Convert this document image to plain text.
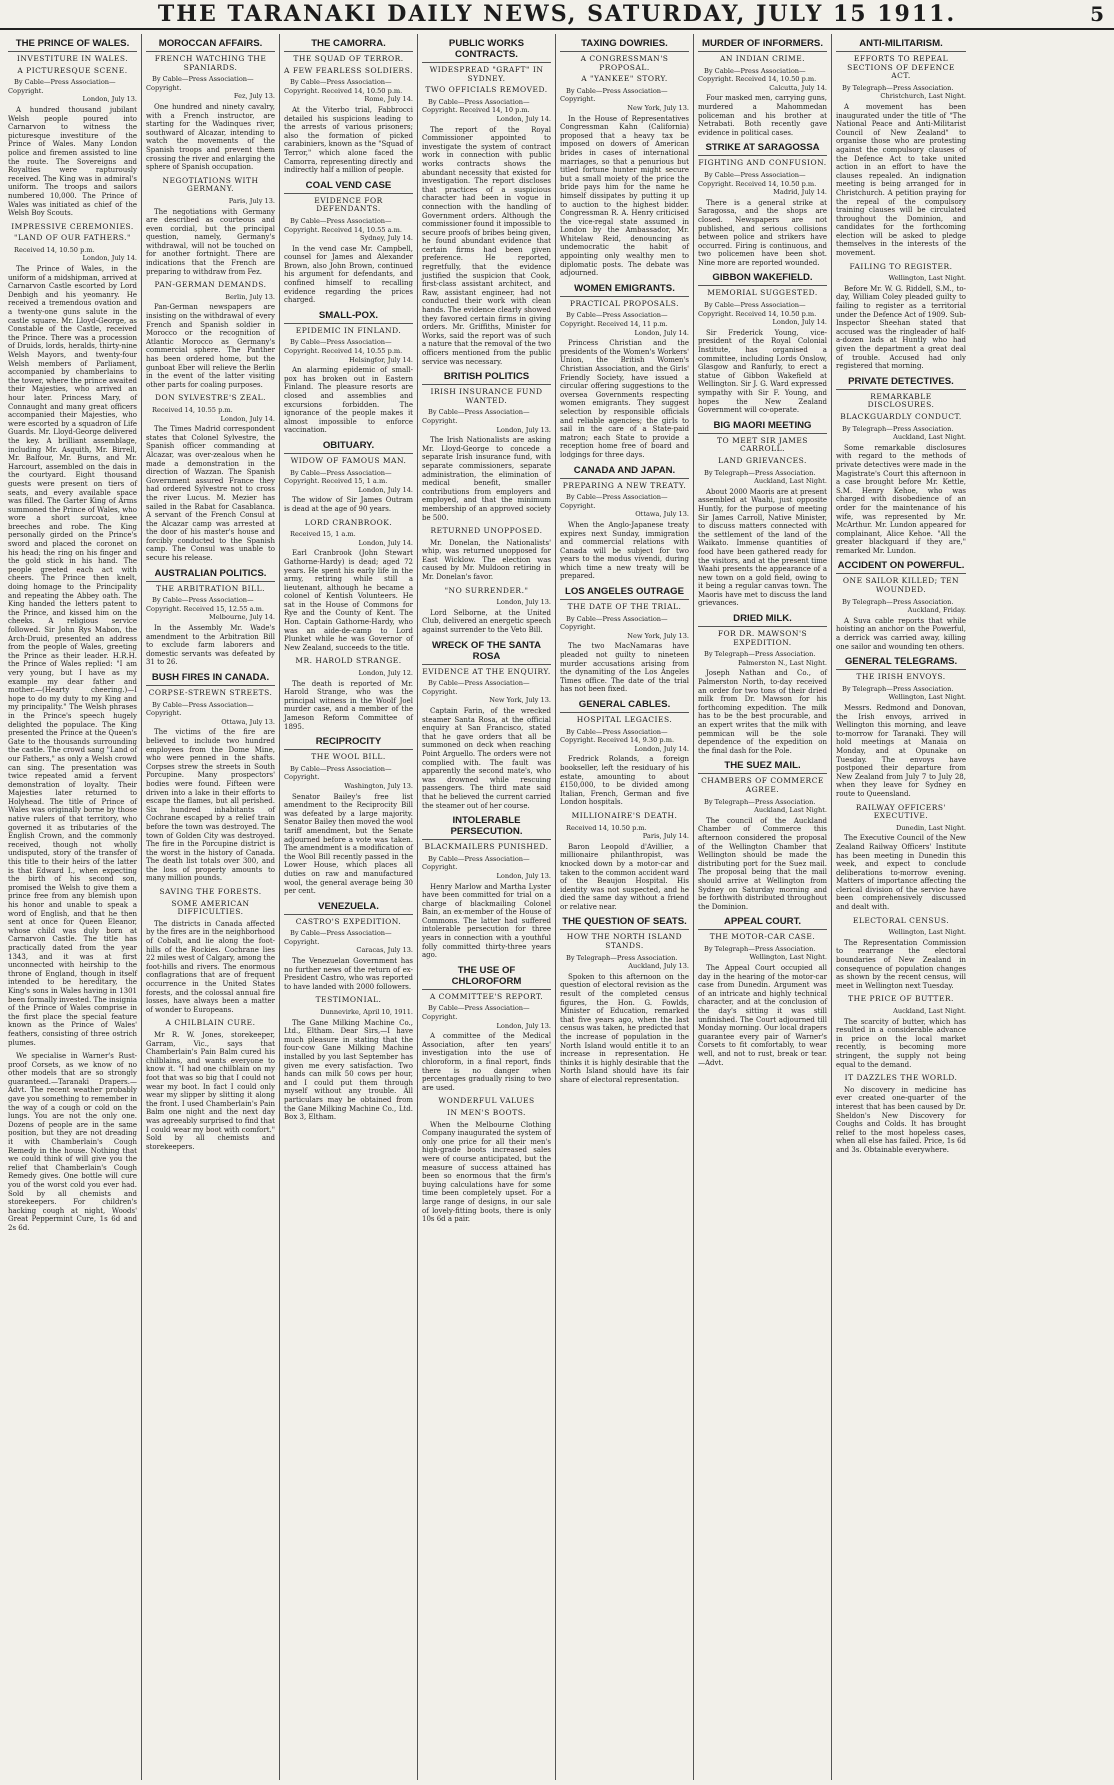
THE TARANAKI DAILY NEWS, SATURDAY, JULY 15 1911.	5
THE PRINCE OF WALES.
INVESTITURE IN WALES.
A PICTURESQUE SCENE.
By Cable—Press Association—Copyright.
London, July 13.

A hundred thousand jubilant Welsh people poured into Carnarvon to witness the picturesque investiture of the Prince of Wales. Many London police and firemen assisted to line the route. The Sovereigns and Royalties were rapturously received. The King was in admiral's uniform. The troops and sailors numbered 10,000. The Prince of Wales was initiated as chief of the Welsh Boy Scouts.

IMPRESSIVE CEREMONIES.
"LAND OF OUR FATHERS."
Received 14, 10.50 p.m.
London, July 14.

The Prince of Wales, in the uniform of a midshipman, arrived at Carnarvon Castle escorted by Lord Denbigh and his yeomanry. He received a tremendous ovation and a twenty-one guns salute in the castle square. Mr. Lloyd-George, as Constable of the Castle, received the Prince. There was a procession of Druids, lords, heralds, thirty-nine Welsh Mayors, and twenty-four Welsh members of Parliament, accompanied by chamberlains to the tower, where the prince awaited their Majesties, who arrived an hour later. Princess Mary, of Connaught and many great officers accompanied their Majesties, who were escorted by a squadron of Life Guards. Mr. Lloyd-George delivered the key. A brilliant assemblage, including Mr. Asquith, Mr. Birrell, Mr. Balfour, Mr. Burns, and Mr. Harcourt, assembled on the dais in the courtyard. Eight thousand guests were present on tiers of seats, and every available space was filled. The Garter King of Arms summoned the Prince of Wales, who wore a short surcoat, knee breeches and robe. The King personally girded on the Prince's sword and placed the coronet on his head; the ring on his finger and the gold stick in his hand. The people greeted each act with cheers. The Prince then knelt, doing homage to the Principality and repeating the Abbey oath. The King handed the letters patent to the Prince, and kissed him on the cheeks. A religious service followed. Sir John Rys Mabon, the Arch-Druid, presented an address from the people of Wales, greeting the Prince as their leader. H.R.H. the Prince of Wales replied: "I am very young, but I have as my example my dear father and mother.—(Hearty cheering.)—I hope to do my duty to my King and my principality." The Welsh phrases in the Prince's speech hugely delighted the populace. The King presented the Prince at the Queen's Gate to the thousands surrounding the castle. The crowd sang "Land of our Fathers," as only a Welsh crowd can sing. The presentation was twice repeated amid a fervent demonstration of loyalty. Their Majesties later returned to Holyhead. The title of Prince of Wales was originally borne by those native rulers of that territory, who governed it as tributaries of the English Crown, and the commonly received, though not wholly undisputed, story of the transfer of this title to their heirs of the latter is that Edward I., when expecting the birth of his second son, promised the Welsh to give them a prince free from any blemish upon his honor and unable to speak a word of English, and that he then sent at once for Queen Eleanor, whose child was duly born at Carnarvon Castle. The title has practically dated from the year 1343, and it was at first unconnected with heirship to the throne of England, though in itself intended to be hereditary, the King's sons in Wales having in 1301 been formally invested. The insignia of the Prince of Wales comprise in the first place the special feature known as the Prince of Wales' feathers, consisting of three ostrich plumes.

We specialise in Warner's Rust-proof Corsets, as we know of no other models that are so strongly guaranteed.—Taranaki Drapers.—Advt. The recent weather probably gave you something to remember in the way of a cough or cold on the lungs. You are not the only one. Dozens of people are in the same position, but they are not dreading it with Chamberlain's Cough Remedy in the house. Nothing that we could think of will give you the relief that Chamberlain's Cough Remedy gives. One bottle will cure you of the worst cold you ever had. Sold by all chemists and storekeepers. For children's hacking cough at night, Woods' Great Peppermint Cure, 1s 6d and 2s 6d.

MOROCCAN AFFAIRS.
FRENCH WATCHING THE SPANIARDS.
By Cable—Press Association—Copyright.
Fez, July 13.

One hundred and ninety cavalry, with a French instructor, are starting for the Wadinques river, southward of Alcazar, intending to watch the movements of the Spanish troops and prevent them crossing the river and enlarging the sphere of Spanish occupation.

NEGOTIATIONS WITH GERMANY.
Paris, July 13.

The negotiations with Germany are described as courteous and even cordial, but the principal question, namely, Germany's withdrawal, will not be touched on for another fortnight. There are indications that the French are preparing to withdraw from Fez.

PAN-GERMAN DEMANDS.
Berlin, July 13.

Pan-German newspapers are insisting on the withdrawal of every French and Spanish soldier in Morocco or the recognition of Atlantic Morocco as Germany's commercial sphere. The Panther has been ordered home, but the gunboat Eber will relieve the Berlin in the event of the latter visiting other parts for coaling purposes.

DON SYLVESTRE'S ZEAL.
Received 14, 10.55 p.m.
London, July 14.

The Times Madrid correspondent states that Colonel Sylvestre, the Spanish officer commanding at Alcazar, was over-zealous when he made a demonstration in the direction of Wazzan. The Spanish Government assured France they had ordered Sylvestre not to cross the river Lucus. M. Mezier has sailed in the Rabat for Casablanca. A servant of the French Consul at the Alcazar camp was arrested at the door of his master's house and forcibly conducted to the Spanish camp. The Consul was unable to secure his release.

AUSTRALIAN POLITICS.
THE ARBITRATION BILL.
By Cable—Press Association—Copyright. Received 15, 12.55 a.m.
Melbourne, July 14.

In the Assembly Mr. Wade's amendment to the Arbitration Bill to exclude farm laborers and domestic servants was defeated by 31 to 26.

BUSH FIRES IN CANADA.
CORPSE-STREWN STREETS.
By Cable—Press Association—Copyright.
Ottawa, July 13.

The victims of the fire are believed to include two hundred employees from the Dome Mine, who were penned in the shafts. Corpses strew the streets in South Porcupine. Many prospectors' bodies were found. Fifteen were driven into a lake in their efforts to escape the flames, but all perished. Six hundred inhabitants of Cochrane escaped by a relief train before the town was destroyed. The town of Golden City was destroyed. The fire in the Porcupine district is the worst in the history of Canada. The death list totals over 300, and the loss of property amounts to many million pounds.

SAVING THE FORESTS.
SOME AMERICAN DIFFICULTIES.

The districts in Canada affected by the fires are in the neighborhood of Cobalt, and lie along the foot-hills of the Rockies. Cochrane lies 22 miles west of Calgary, among the foot-hills and rivers. The enormous conflagrations that are of frequent occurrence in the United States forests, and the colossal annual fire losses, have always been a matter of wonder to Europeans.

A CHILBLAIN CURE.

Mr R. W. Jones, storekeeper, Garram, Vic., says that Chamberlain's Pain Balm cured his chilblains, and wants everyone to know it. "I had one chilblain on my foot that was so big that I could not wear my boot. In fact I could only wear my slipper by slitting it along the front. I used Chamberlain's Pain Balm one night and the next day was agreeably surprised to find that I could wear my boot with comfort." Sold by all chemists and storekeepers.

THE CAMORRA.
THE SQUAD OF TERROR.
A FEW FEARLESS SOLDIERS.
By Cable—Press Association—Copyright. Received 14, 10.50 p.m.
Rome, July 14.

At the Viterbo trial, Fabbrocci detailed his suspicions leading to the arrests of various prisoners; also the formation of picked carabiniers, known as the "Squad of Terror," which alone faced the Camorra, representing directly and indirectly half a million of people.

COAL VEND CASE
EVIDENCE FOR DEFENDANTS.
By Cable—Press Association—Copyright. Received 14, 10.55 a.m.
Sydney, July 14.

In the vend case Mr. Campbell, counsel for James and Alexander Brown, also John Brown, continued his argument for defendants, and confined himself to recalling evidence regarding the prices charged.

SMALL-POX.
EPIDEMIC IN FINLAND.
By Cable—Press Association—Copyright. Received 14, 10.55 p.m.
Helsingfor, July 14.

An alarming epidemic of small-pox has broken out in Eastern Finland. The pleasure resorts are closed and assemblies and excursions forbidden. The ignorance of the people makes it almost impossible to enforce vaccination.

OBITUARY.
WIDOW OF FAMOUS MAN.
By Cable—Press Association—Copyright. Received 15, 1 a.m.
London, July 14.

The widow of Sir James Outram is dead at the age of 90 years.

LORD CRANBROOK.
Received 15, 1 a.m.
London, July 14.

Earl Cranbrook (John Stewart Gathorne-Hardy) is dead; aged 72 years. He spent his early life in the army, retiring while still a lieutenant, although he became a colonel of Kentish Volunteers. He sat in the House of Commons for Rye and the County of Kent. The Hon. Captain Gathorne-Hardy, who was an aide-de-camp to Lord Plunket while he was Governor of New Zealand, succeeds to the title.

MR. HAROLD STRANGE.
London, July 12.

The death is reported of Mr. Harold Strange, who was the principal witness in the Woolf Joel murder case, and a member of the Jameson Reform Committee of 1895.

RECIPROCITY
THE WOOL BILL.
By Cable—Press Association—Copyright.
Washington, July 13.

Senator Bailey's free list amendment to the Reciprocity Bill was defeated by a large majority. Senator Bailey then moved the wool tariff amendment, but the Senate adjourned before a vote was taken. The amendment is a modification of the Wool Bill recently passed in the Lower House, which places all duties on raw and manufactured wool, the general average being 30 per cent.

VENEZUELA.
CASTRO'S EXPEDITION.
By Cable—Press Association—Copyright.
Caracas, July 13.

The Venezuelan Government has no further news of the return of ex-President Castro, who was reported to have landed with 2000 followers.

TESTIMONIAL.
Dunnevirke, April 10, 1911.

The Gane Milking Machine Co., Ltd., Eltham. Dear Sirs,—I have much pleasure in stating that the four-cow Gane Milking Machine installed by you last September has given me every satisfaction. Two hands can milk 50 cows per hour, and I could put them through myself without any trouble. All particulars may be obtained from the Gane Milking Machine Co., Ltd. Box 3, Eltham.

PUBLIC WORKS CONTRACTS.
WIDESPREAD "GRAFT" IN SYDNEY.
TWO OFFICIALS REMOVED.
By Cable—Press Association—Copyright. Received 14, 10 p.m.
London, July 14.

The report of the Royal Commissioner appointed to investigate the system of contract work in connection with public works contracts shows the abundant necessity that existed for investigation. The report discloses that practices of a suspicious character had been in vogue in connection with the handling of Government orders. Although the commissioner found it impossible to secure proofs of bribes being given, he found abundant evidence that certain firms had been given preference. He reported, regretfully, that the evidence justified the suspicion that Cook, first-class assistant architect, and Raw, assistant engineer, had not conducted their work with clean hands. The evidence clearly showed they favored certain firms in giving orders. Mr. Griffiths, Minister for Works, said the report was of such a nature that the removal of the two officers mentioned from the public service was necessary.

BRITISH POLITICS
IRISH INSURANCE FUND WANTED.
By Cable—Press Association—Copyright.
London, July 13.

The Irish Nationalists are asking Mr. Lloyd-George to concede a separate Irish insurance fund, with separate commissioners, separate administration, the elimination of medical benefit, smaller contributions from employers and employed, and that the minimum membership of an approved society be 500.

RETURNED UNOPPOSED.

Mr. Donelan, the Nationalists' whip, was returned unopposed for East Wicklow. The election was caused by Mr. Muldoon retiring in Mr. Donelan's favor.

"NO SURRENDER."
London, July 13.

Lord Selborne, at the United Club, delivered an energetic speech against surrender to the Veto Bill.

WRECK OF THE SANTA ROSA
EVIDENCE AT THE ENQUIRY.
By Cable—Press Association—Copyright.
New York, July 13.

Captain Farin, of the wrecked steamer Santa Rosa, at the official enquiry at San Francisco, stated that he gave orders that all be summoned on deck when reaching Point Arguello. The orders were not complied with. The fault was apparently the second mate's, who was drowned while rescuing passengers. The third mate said that he believed the current carried the steamer out of her course.

INTOLERABLE PERSECUTION.
BLACKMAILERS PUNISHED.
By Cable—Press Association—Copyright.
London, July 13.

Henry Marlow and Martha Lyster have been committed for trial on a charge of blackmailing Colonel Bain, an ex-member of the House of Commons. The latter had suffered intolerable persecution for three years in connection with a youthful folly committed thirty-three years ago.

THE USE OF CHLOROFORM
A COMMITTEE'S REPORT.
By Cable—Press Association—Copyright.
London, July 13.

A committee of the Medical Association, after ten years' investigation into the use of chloroform, in a final report, finds there is no danger when percentages gradually rising to two are used.

WONDERFUL VALUES
IN MEN'S BOOTS.

When the Melbourne Clothing Company inaugurated the system of only one price for all their men's high-grade boots increased sales were of course anticipated, but the measure of success attained has been so enormous that the firm's buying calculations have for some time been completely upset. For a large range of designs, in our sale of lovely-fitting boots, there is only 10s 6d a pair.

TAXING DOWRIES.
A CONGRESSMAN'S PROPOSAL.
A "YANKEE" STORY.
By Cable—Press Association—Copyright.
New York, July 13.

In the House of Representatives Congressman Kahn (California) proposed that a heavy tax be imposed on dowers of American brides in cases of international marriages, so that a penurious but titled fortune hunter might secure but a small moiety of the price the bride pays him for the name he himself dissipates by putting it up to auction to the highest bidder. Congressman R. A. Henry criticised the vice-regal state assumed in London by the Ambassador, Mr. Whitelaw Reid, denouncing as undemocratic the habit of appointing only wealthy men to diplomatic posts. The debate was adjourned.

WOMEN EMIGRANTS.
PRACTICAL PROPOSALS.
By Cable—Press Association—Copyright. Received 14, 11 p.m.
London, July 14.

Princess Christian and the presidents of the Women's Workers' Union, the British Women's Christian Association, and the Girls' Friendly Society, have issued a circular offering suggestions to the oversea Governments respecting women emigrants. They suggest selection by responsible officials and reliable agencies; the girls to sail in the care of a State-paid matron; each State to provide a reception home free of board and lodgings for three days.

CANADA AND JAPAN.
PREPARING A NEW TREATY.
By Cable—Press Association—Copyright.
Ottawa, July 13.

When the Anglo-Japanese treaty expires next Sunday, immigration and commercial relations with Canada will be subject for two years to the modus vivendi, during which time a new treaty will be prepared.

LOS ANGELES OUTRAGE
THE DATE OF THE TRIAL.
By Cable—Press Association—Copyright.
New York, July 13.

The two MacNamaras have pleaded not guilty to nineteen murder accusations arising from the dynamiting of the Los Angeles Times office. The date of the trial has not been fixed.

GENERAL CABLES.
HOSPITAL LEGACIES.
By Cable—Press Association—Copyright. Received 14, 9.30 p.m.
London, July 14.

Fredrick Rolands, a foreign bookseller, left the residuary of his estate, amounting to about £150,000, to be divided among Italian, French, German and five London hospitals.

MILLIONAIRE'S DEATH.
Received 14, 10.50 p.m.
Paris, July 14.

Baron Leopold d'Avillier, a millionaire philanthropist, was knocked down by a motor-car and taken to the common accident ward of the Beaujon Hospital. His identity was not suspected, and he died the same day without a friend or relative near.

THE QUESTION OF SEATS.
HOW THE NORTH ISLAND STANDS.
By Telegraph—Press Association.
Auckland, July 13.

Spoken to this afternoon on the question of electoral revision as the result of the completed census figures, the Hon. G. Fowlds, Minister of Education, remarked that five years ago, when the last census was taken, he predicted that the increase of population in the North Island would entitle it to an increase in representation. He thinks it is highly desirable that the North Island should have its fair share of electoral representation.

MURDER OF INFORMERS.
AN INDIAN CRIME.
By Cable—Press Association—Copyright. Received 14, 10.50 p.m.
Calcutta, July 14.

Four masked men, carrying guns, murdered a Mahommedan policeman and his brother at Netrabati. Both recently gave evidence in political cases.

STRIKE AT SARAGOSSA
FIGHTING AND CONFUSION.
By Cable—Press Association—Copyright. Received 14, 10.50 p.m.
Madrid, July 14.

There is a general strike at Saragossa, and the shops are closed. Newspapers are not published, and serious collisions between police and strikers have occurred. Firing is continuous, and two policemen have been shot. Nine more are reported wounded.

GIBBON WAKEFIELD.
MEMORIAL SUGGESTED.
By Cable—Press Association—Copyright. Received 14, 10.50 p.m.
London, July 14.

Sir Frederick Young, vice-president of the Royal Colonial Institute, has organised a committee, including Lords Onslow, Glasgow and Ranfurly, to erect a statue of Gibbon Wakefield at Wellington. Sir J. G. Ward expressed sympathy with Sir F. Young, and hopes the New Zealand Government will co-operate.

BIG MAORI MEETING
TO MEET SIR JAMES CARROLL.
LAND GRIEVANCES.
By Telegraph—Press Association.
Auckland, Last Night.

About 2000 Maoris are at present assembled at Waahi, just opposite Huntly, for the purpose of meeting Sir James Carroll, Native Minister, to discuss matters connected with the settlement of the land of the Waikato. Immense quantities of food have been gathered ready for the visitors, and at the present time Waahi presents the appearance of a new town on a gold field, owing to it being a regular canvas town. The Maoris have met to discuss the land grievances.

DRIED MILK.
FOR DR. MAWSON'S EXPEDITION.
By Telegraph—Press Association.
Palmerston N., Last Night.

Joseph Nathan and Co., of Palmerston North, to-day received an order for two tons of their dried milk from Dr. Mawson for his forthcoming expedition. The milk has to be the best procurable, and an expert writes that the milk with pemmican will be the sole dependence of the expedition on the final dash for the Pole.

THE SUEZ MAIL.
CHAMBERS OF COMMERCE AGREE.
By Telegraph—Press Association.
Auckland, Last Night.

The council of the Auckland Chamber of Commerce this afternoon considered the proposal of the Wellington Chamber that Wellington should be made the distributing port for the Suez mail. The proposal being that the mail should arrive at Wellington from Sydney on Saturday morning and be forthwith distributed throughout the Dominion.

APPEAL COURT.
THE MOTOR-CAR CASE.
By Telegraph—Press Association.
Wellington, Last Night.

The Appeal Court occupied all day in the hearing of the motor-car case from Dunedin. Argument was of an intricate and highly technical character, and at the conclusion of the day's sitting it was still unfinished. The Court adjourned till Monday morning. Our local drapers guarantee every pair of Warner's Corsets to fit comfortably, to wear well, and not to rust, break or tear.—Advt.

ANTI-MILITARISM.
EFFORTS TO REPEAL SECTIONS OF DEFENCE ACT.
By Telegraph—Press Association.
Christchurch, Last Night.

A movement has been inaugurated under the title of "The National Peace and Anti-Militarist Council of New Zealand" to organise those who are protesting against the compulsory clauses of the Defence Act to take united action in an effort to have the clauses repealed. An indignation meeting is being arranged for in Christchurch. A petition praying for the repeal of the compulsory training clauses will be circulated throughout the Dominion, and candidates for the forthcoming election will be asked to pledge themselves in the interests of the movement.

FAILING TO REGISTER.
Wellington, Last Night.

Before Mr. W. G. Riddell, S.M., to-day, William Coley pleaded guilty to failing to register as a territorial under the Defence Act of 1909. Sub-Inspector Sheehan stated that accused was the ringleader of half-a-dozen lads at Huntly who had given the department a great deal of trouble. Accused had only registered that morning.

PRIVATE DETECTIVES.
REMARKABLE DISCLOSURES.
BLACKGUARDLY CONDUCT.
By Telegraph—Press Association.
Auckland, Last Night.

Some remarkable disclosures with regard to the methods of private detectives were made in the Magistrate's Court this afternoon in a case brought before Mr. Kettle, S.M. Henry Kehoe, who was charged with disobedience of an order for the maintenance of his wife, was represented by Mr. McArthur. Mr. Lundon appeared for complainant, Alice Kehoe. "All the greater blackguard if they are," remarked Mr. Lundon.

ACCIDENT ON POWERFUL.
ONE SAILOR KILLED; TEN WOUNDED.
By Telegraph—Press Association.
Auckland, Friday.

A Suva cable reports that while hoisting an anchor on the Powerful, a derrick was carried away, killing one sailor and wounding ten others.

GENERAL TELEGRAMS.
THE IRISH ENVOYS.
By Telegraph—Press Association.
Wellington, Last Night.

Messrs. Redmond and Donovan, the Irish envoys, arrived in Wellington this morning, and leave to-morrow for Taranaki. They will hold meetings at Manaia on Monday, and at Opunake on Tuesday. The envoys have postponed their departure from New Zealand from July 7 to July 28, when they leave for Sydney en route to Queensland.

RAILWAY OFFICERS' EXECUTIVE.
Dunedin, Last Night.

The Executive Council of the New Zealand Railway Officers' Institute has been meeting in Dunedin this week, and expect to conclude deliberations to-morrow evening. Matters of importance affecting the clerical division of the service have been comprehensively discussed and dealt with.

ELECTORAL CENSUS.
Wellington, Last Night.

The Representation Commission to rearrange the electoral boundaries of New Zealand in consequence of population changes as shown by the recent census, will meet in Wellington next Tuesday.

THE PRICE OF BUTTER.
Auckland, Last Night.

The scarcity of butter, which has resulted in a considerable advance in price on the local market recently, is becoming more stringent, the supply not being equal to the demand.

IT DAZZLES THE WORLD.

No discovery in medicine has ever created one-quarter of the interest that has been caused by Dr. Sheldon's New Discovery for Coughs and Colds. It has brought relief to the most hopeless cases, when all else has failed. Price, 1s 6d and 3s. Obtainable everywhere.
